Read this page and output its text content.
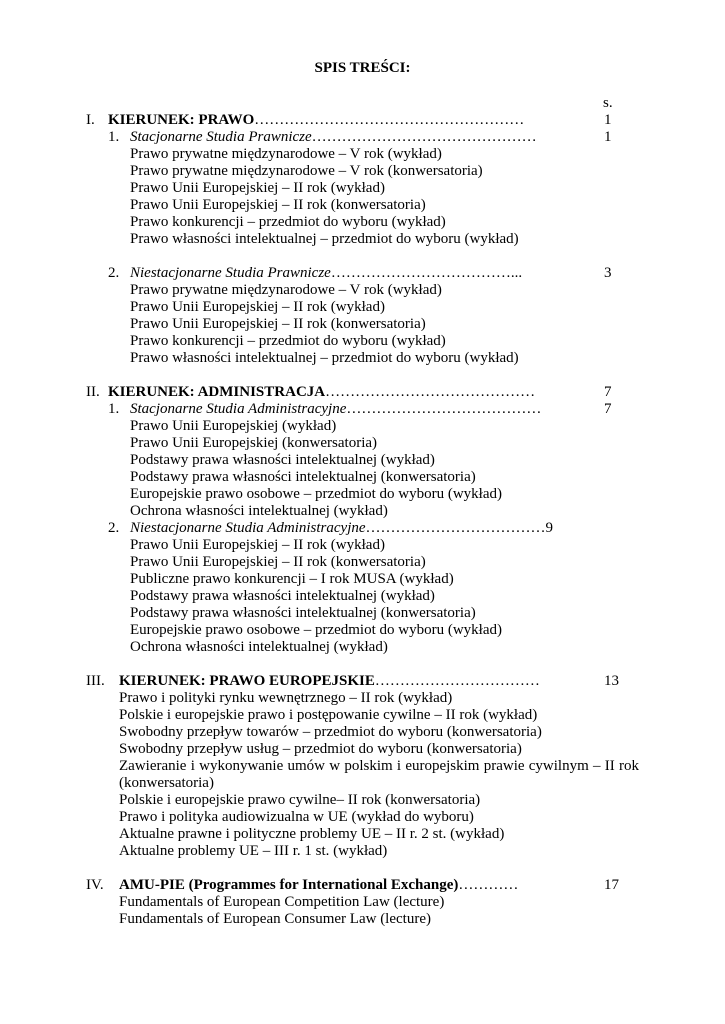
SPIS TREŚCI:
s.
I. KIERUNEK: PRAWO………………………………………………	1
1. Stacjonarne Studia Prawnicze………………………………………	1
Prawo prywatne międzynarodowe – V rok (wykład)
Prawo prywatne międzynarodowe – V rok (konwersatoria)
Prawo Unii Europejskiej – II rok (wykład)
Prawo Unii Europejskiej – II rok (konwersatoria)
Prawo konkurencji – przedmiot do wyboru (wykład)
Prawo własności intelektualnej – przedmiot do wyboru (wykład)
2. Niestacjonarne Studia Prawnicze………………………………...	3
Prawo prywatne międzynarodowe – V rok (wykład)
Prawo Unii Europejskiej – II rok (wykład)
Prawo Unii Europejskiej – II rok (konwersatoria)
Prawo konkurencji – przedmiot do wyboru (wykład)
Prawo własności intelektualnej – przedmiot do wyboru (wykład)
II. KIERUNEK: ADMINISTRACJA……………………………………	7
1. Stacjonarne Studia Administracyjne…………………………………	7
Prawo Unii Europejskiej (wykład)
Prawo Unii Europejskiej (konwersatoria)
Podstawy prawa własności intelektualnej (wykład)
Podstawy prawa własności intelektualnej (konwersatoria)
Europejskie prawo osobowe – przedmiot do wyboru (wykład)
Ochrona własności intelektualnej (wykład)
2. Niestacjonarne Studia Administracyjne………………………………9
Prawo Unii Europejskiej – II rok (wykład)
Prawo Unii Europejskiej – II rok (konwersatoria)
Publiczne prawo konkurencji – I rok MUSA (wykład)
Podstawy prawa własności intelektualnej (wykład)
Podstawy prawa własności intelektualnej (konwersatoria)
Europejskie prawo osobowe – przedmiot do wyboru (wykład)
Ochrona własności intelektualnej (wykład)
III. KIERUNEK: PRAWO EUROPEJSKIE……………………………	13
Prawo i polityki rynku wewnętrznego – II rok (wykład)
Polskie i europejskie prawo i postępowanie cywilne – II rok (wykład)
Swobodny przepływ towarów – przedmiot do wyboru (konwersatoria)
Swobodny przepływ usług – przedmiot do wyboru (konwersatoria)
Zawieranie i wykonywanie umów w polskim i europejskim prawie cywilnym – II rok (konwersatoria)
Polskie i europejskie prawo cywilne– II rok (konwersatoria)
Prawo i polityka audiowizualna w UE (wykład do wyboru)
Aktualne prawne i polityczne problemy UE – II r. 2 st. (wykład)
Aktualne problemy UE – III r. 1 st. (wykład)
IV. AMU-PIE (Programmes for International Exchange)…………	17
Fundamentals of European Competition Law (lecture)
Fundamentals of European Consumer Law (lecture)
